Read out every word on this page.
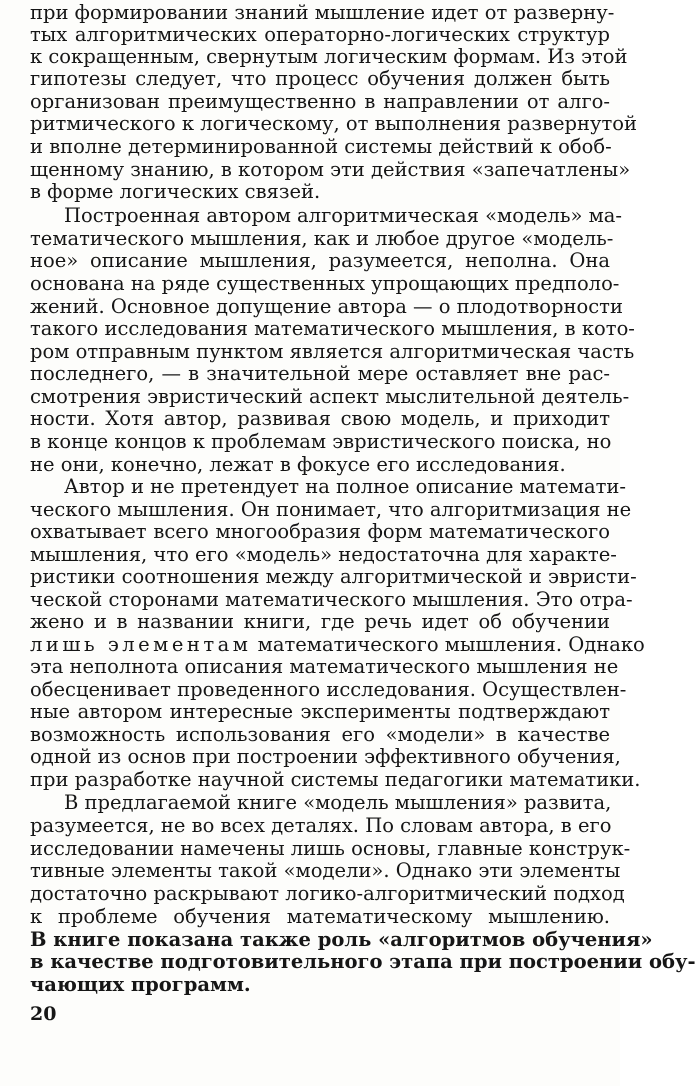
при формировании знаний мышление идет от разверну-
тых алгоритмических операторно-логических структур
к сокращенным, свернутым логическим формам. Из этой
гипотезы следует, что процесс обучения должен быть
организован преимущественно в направлении от алго-
ритмического к логическому, от выполнения развернутой
и вполне детерминированной системы действий к обоб-
щенному знанию, в котором эти действия «запечатлены»
в форме логических связей.
Построенная автором алгоритмическая «модель» ма-
тематического мышления, как и любое другое «модель-
ное» описание мышления, разумеется, неполна. Она
основана на ряде существенных упрощающих предполо-
жений. Основное допущение автора — о плодотворности
такого исследования математического мышления, в кото-
ром отправным пунктом является алгоритмическая часть
последнего, — в значительной мере оставляет вне рас-
смотрения эвристический аспект мыслительной деятель-
ности. Хотя автор, развивая свою модель, и приходит
в конце концов к проблемам эвристического поиска, но
не они, конечно, лежат в фокусе его исследования.
Автор и не претендует на полное описание математи-
ческого мышления. Он понимает, что алгоритмизация не
охватывает всего многообразия форм математического
мышления, что его «модель» недостаточна для характе-
ристики соотношения между алгоритмической и эвристи-
ческой сторонами математического мышления. Это отра-
жено и в названии книги, где речь идет об обучении
лишь элементам математического мышления. Однако
эта неполнота описания математического мышления не
обесценивает проведенного исследования. Осуществлен-
ные автором интересные эксперименты подтверждают
возможность использования его «модели» в качестве
одной из основ при построении эффективного обучения,
при разработке научной системы педагогики математики.
В предлагаемой книге «модель мышления» развита,
разумеется, не во всех деталях. По словам автора, в его
исследовании намечены лишь основы, главные конструк-
тивные элементы такой «модели». Однако эти элементы
достаточно раскрывают логико-алгоритмический подход
к проблеме обучения математическому мышлению.
В книге показана также роль «алгоритмов обучения»
в качестве подготовительного этапа при построении обу-
чающих программ.
20
